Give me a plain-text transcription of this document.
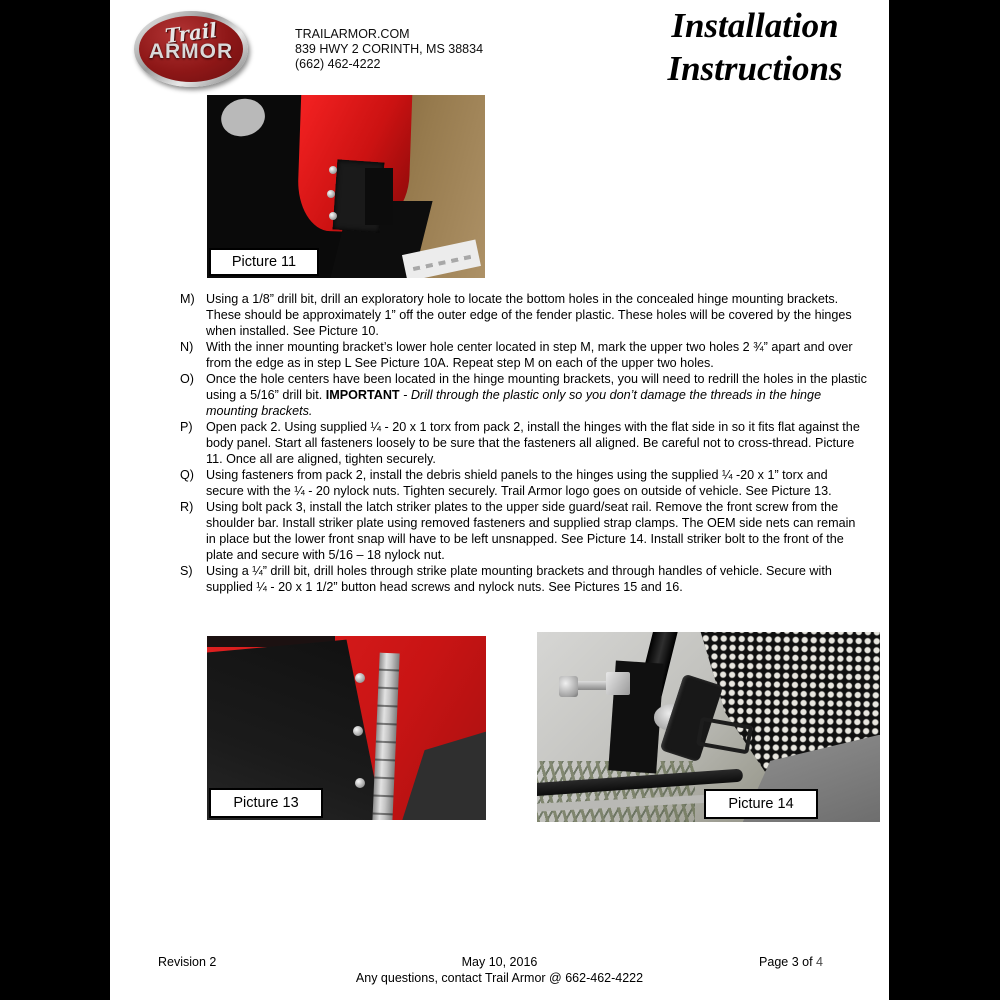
Trail
ARMOR
TRAILARMOR.COM
839 HWY 2 CORINTH, MS 38834
(662) 462-4222
Installation
Instructions
Picture 11

M) Using a 1/8” drill bit, drill an exploratory hole to locate the bottom holes in the concealed hinge mounting brackets. These should be approximately 1” off the outer edge of the fender plastic. These holes will be covered by the hinges when installed. See Picture 10.

N) With the inner mounting bracket’s lower hole center located in step M, mark the upper two holes 2 ¾” apart and over from the edge as in step L See Picture 10A. Repeat step M on each of the upper two holes.

O) Once the hole centers have been located in the hinge mounting brackets, you will need to redrill the holes in the plastic using a 5/16” drill bit. IMPORTANT - Drill through the plastic only so you don’t damage the threads in the hinge mounting brackets.

P) Open pack 2. Using supplied ¼ - 20 x 1 torx from pack 2, install the hinges with the flat side in so it fits flat against the body panel. Start all fasteners loosely to be sure that the fasteners all aligned. Be careful not to cross-thread. Picture 11. Once all are aligned, tighten securely.

Q) Using fasteners from pack 2, install the debris shield panels to the hinges using the supplied ¼ -20 x 1” torx and secure with the ¼ - 20 nylock nuts. Tighten securely. Trail Armor logo goes on outside of vehicle. See Picture 13.

R) Using bolt pack 3, install the latch striker plates to the upper side guard/seat rail. Remove the front screw from the shoulder bar. Install striker plate using removed fasteners and supplied strap clamps. The OEM side nets can remain in place but the lower front snap will have to be left unsnapped. See Picture 14. Install striker bolt to the front of the plate and secure with 5/16 – 18 nylock nut.

S) Using a ¼” drill bit, drill holes through strike plate mounting brackets and through handles of vehicle. Secure with supplied ¼ - 20 x 1 1/2” button head screws and nylock nuts. See Pictures 15 and 16.

Picture 13	Picture 14
Revision 2	May 10, 2016	Page 3 of 4
Any questions, contact Trail Armor @ 662-462-4222
